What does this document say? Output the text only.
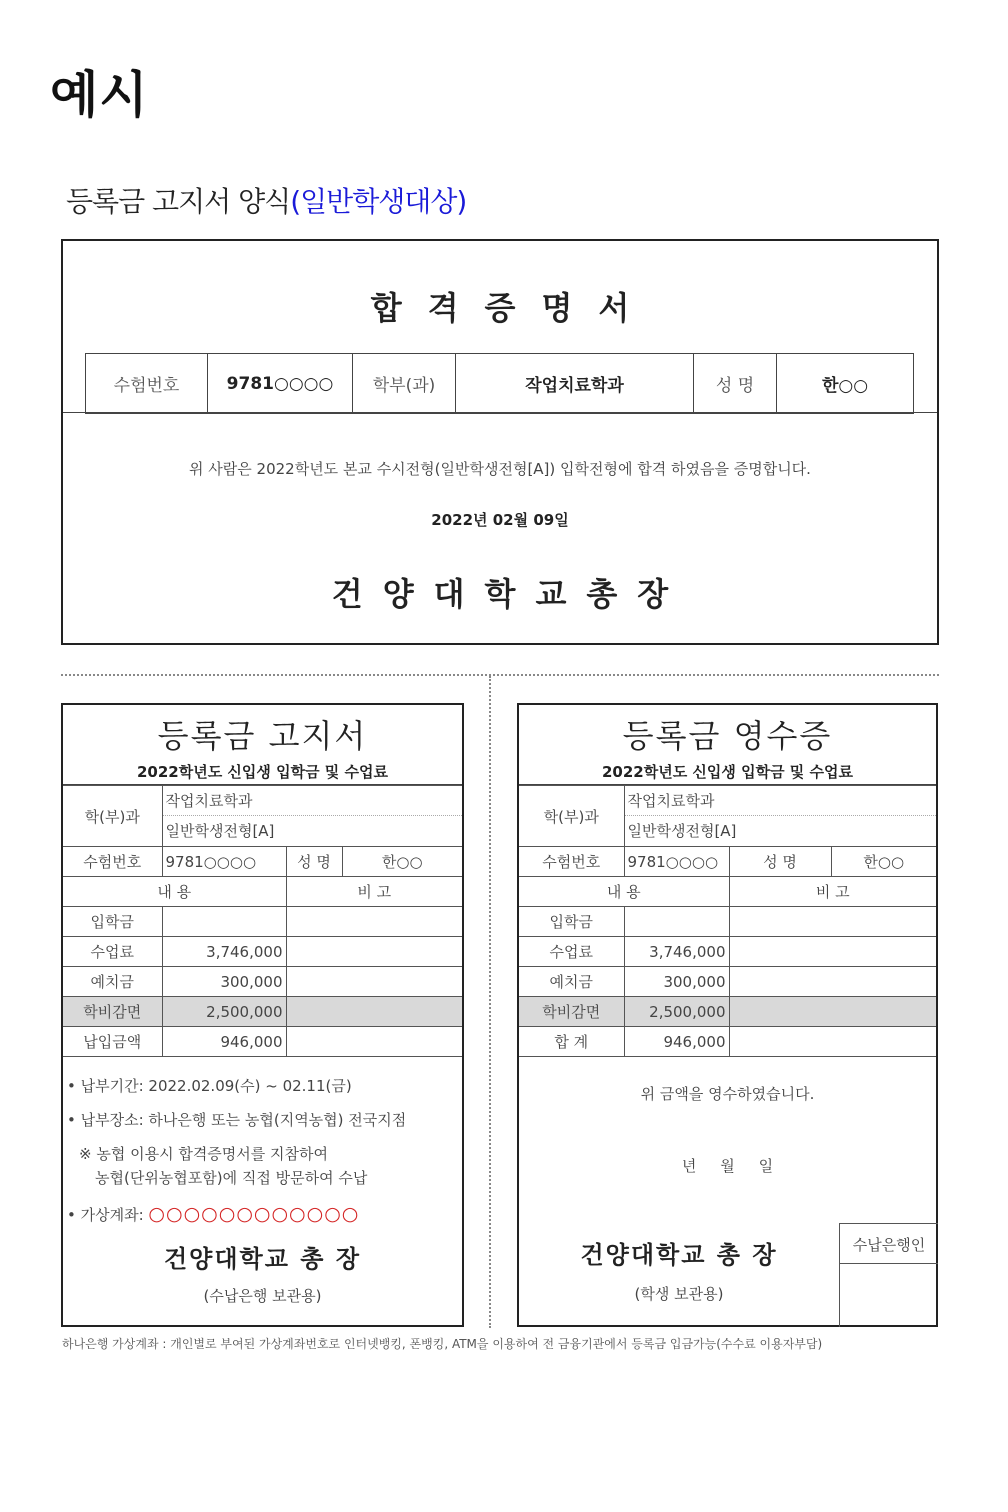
예시
등록금 고지서 양식(일반학생대상)
합격증명서
수험번호	9781○○○○	학부(과)	작업치료학과	성 명	한○○
위 사람은 2022학년도 본교 수시전형(일반학생전형[A]) 입학전형에 합격 하였음을 증명합니다.
2022년 02월 09일
건양대학교총장
등록금 고지서
2022학년도 신입생 입학금 및 수업료
학(부)과	작업치료학과
일반학생전형[A]		

수험번호	9781○○○○	성 명	한○○
내 용		비 고	
입학금			
수업료	3,746,000		
예치금	300,000		
학비감면	2,500,000		
납입금액	946,000		
• 납부기간: 2022.02.09(수) ~ 02.11(금)
• 납부장소: 하나은행 또는 농협(지역농협) 전국지점
※ 농협 이용시 합격증명서를 지참하여
농협(단위농협포함)에 직접 방문하여 수납
• 가상계좌: ○○○○○○○○○○○○
건양대학교 총 장
(수납은행 보관용)
등록금 영수증
2022학년도 신입생 입학금 및 수업료
학(부)과	작업치료학과
일반학생전형[A]		

수험번호	9781○○○○	성 명	한○○
내 용		비 고	
입학금			
수업료	3,746,000		
예치금	300,000		
학비감면	2,500,000		
합 계	946,000		
위 금액을 영수하였습니다.
년     월     일
건양대학교 총 장
(학생 보관용)
수납은행인
하나은행 가상계좌 : 개인별로 부여된 가상계좌번호로 인터넷뱅킹, 폰뱅킹, ATM을 이용하여 전 금융기관에서 등록금 입금가능(수수료 이용자부담)
